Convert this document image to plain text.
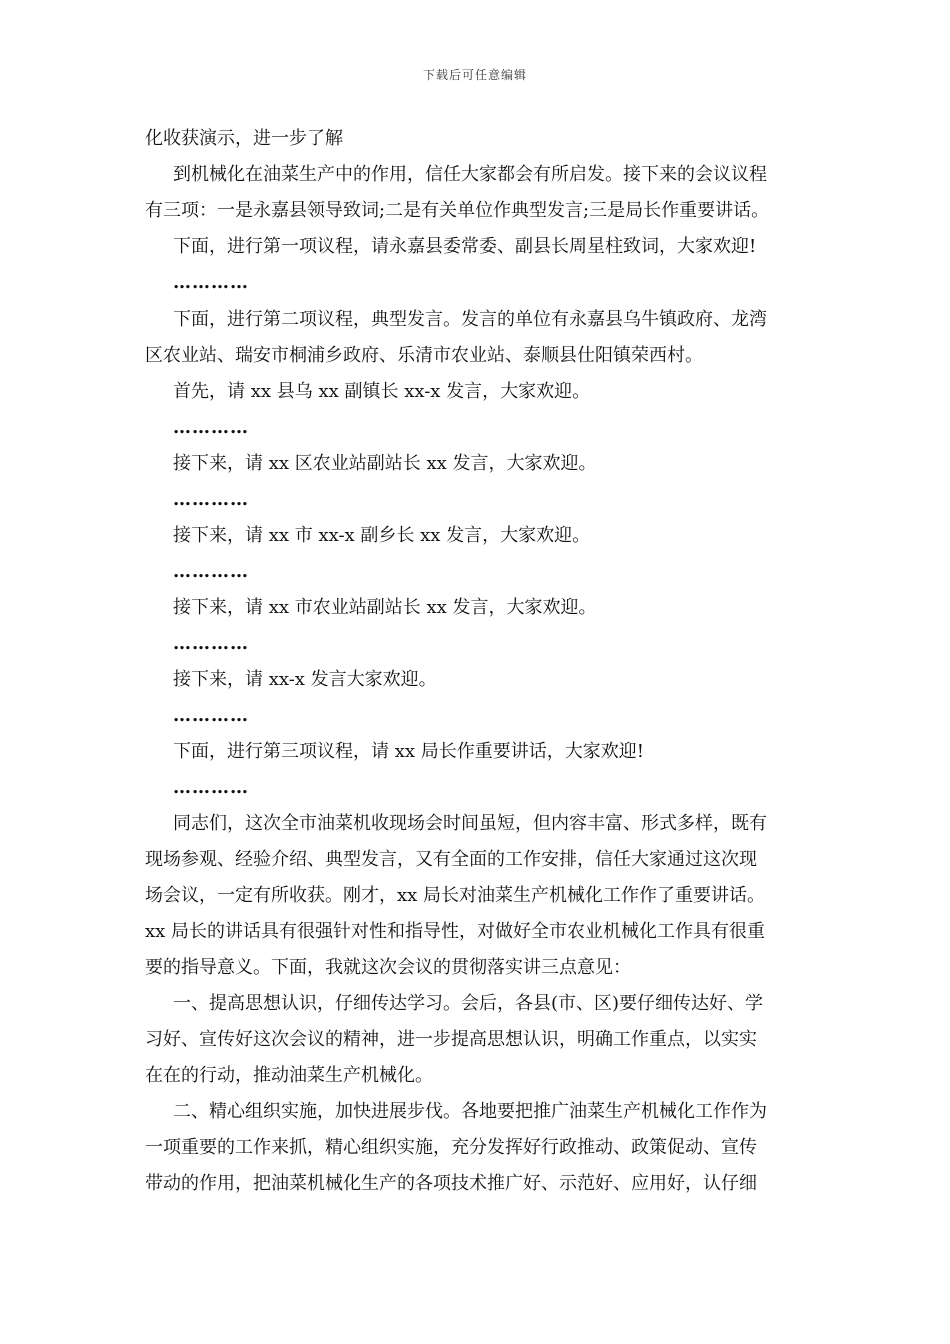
下载后可任意编辑
化收获演示，进一步了解
到机械化在油菜生产中的作用，信任大家都会有所启发。接下来的会议议程
有三项：一是永嘉县领导致词;二是有关单位作典型发言;三是局长作重要讲话。
下面，进行第一项议程，请永嘉县委常委、副县长周星柱致词，大家欢迎!
…………
下面，进行第二项议程，典型发言。发言的单位有永嘉县乌牛镇政府、龙湾
区农业站、瑞安市桐浦乡政府、乐清市农业站、泰顺县仕阳镇荣西村。
首先，请 xx 县乌 xx 副镇长 xx-x 发言，大家欢迎。
…………
接下来，请 xx 区农业站副站长 xx 发言，大家欢迎。
…………
接下来，请 xx 市 xx-x 副乡长 xx 发言，大家欢迎。
…………
接下来，请 xx 市农业站副站长 xx 发言，大家欢迎。
…………
接下来，请 xx-x 发言大家欢迎。
…………
下面，进行第三项议程，请 xx 局长作重要讲话，大家欢迎!
…………
同志们，这次全市油菜机收现场会时间虽短，但内容丰富、形式多样，既有
现场参观、经验介绍、典型发言，又有全面的工作安排，信任大家通过这次现
场会议，一定有所收获。刚才，xx 局长对油菜生产机械化工作作了重要讲话。
xx 局长的讲话具有很强针对性和指导性，对做好全市农业机械化工作具有很重
要的指导意义。下面，我就这次会议的贯彻落实讲三点意见：
一、提高思想认识，仔细传达学习。会后，各县(市、区)要仔细传达好、学
习好、宣传好这次会议的精神，进一步提高思想认识，明确工作重点，以实实
在在的行动，推动油菜生产机械化。
二、精心组织实施，加快进展步伐。各地要把推广油菜生产机械化工作作为
一项重要的工作来抓，精心组织实施，充分发挥好行政推动、政策促动、宣传
带动的作用，把油菜机械化生产的各项技术推广好、示范好、应用好，认仔细
